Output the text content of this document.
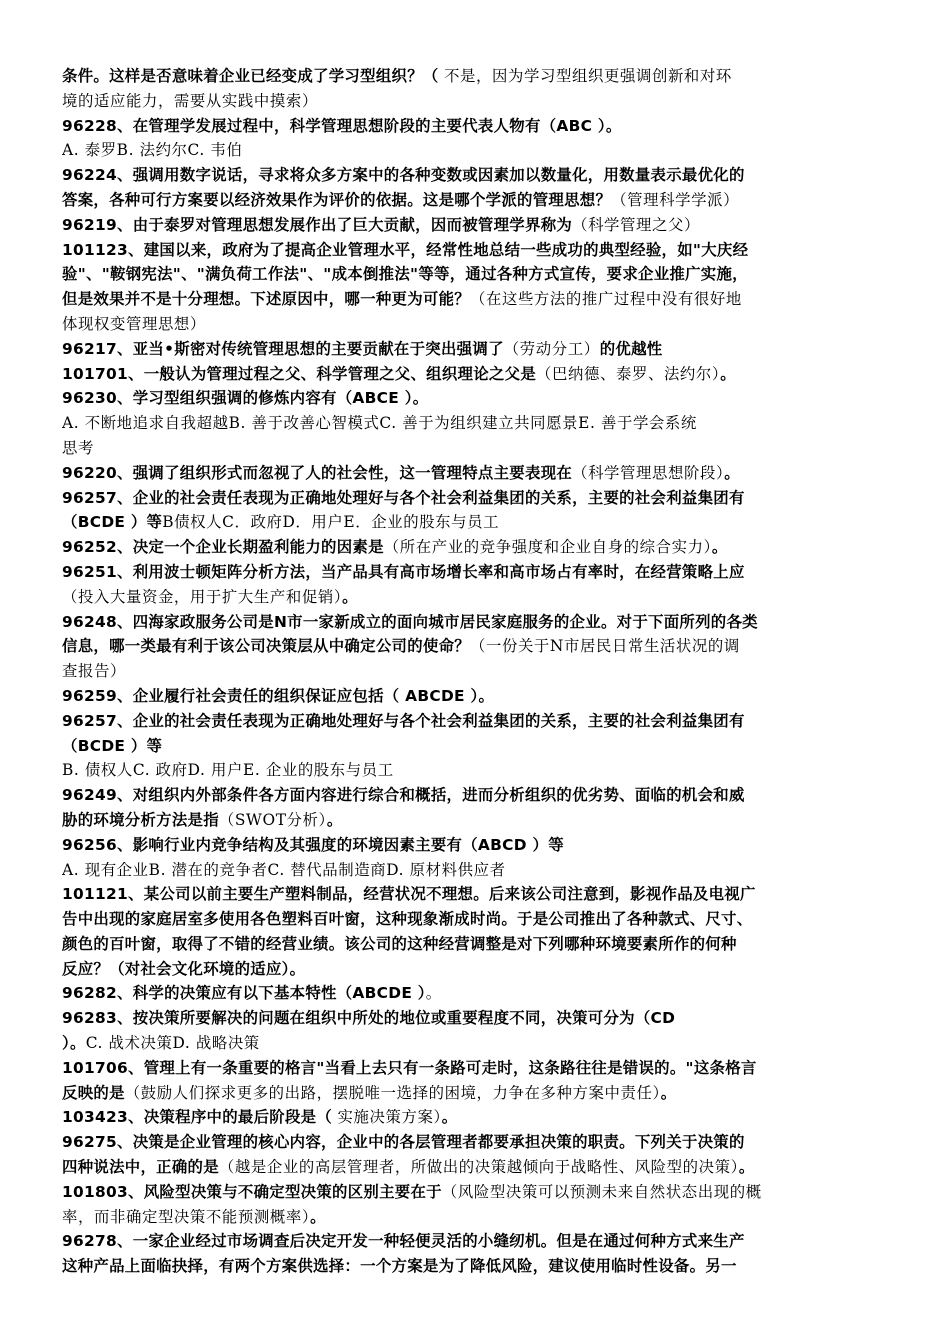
条件。这样是否意味着企业已经变成了学习型组织？（ 不是，因为学习型组织更强调创新和对环
境的适应能力，需要从实践中摸索）
96228、在管理学发展过程中，科学管理思想阶段的主要代表人物有（ABC ）。
A. 泰罗B. 法约尔C. 韦伯
96224、强调用数字说话，寻求将众多方案中的各种变数或因素加以数量化，用数量表示最优化的
答案，各种可行方案要以经济效果作为评价的依据。这是哪个学派的管理思想？（管理科学学派）
96219、由于泰罗对管理思想发展作出了巨大贡献，因而被管理学界称为（科学管理之父）
101123、建国以来，政府为了提高企业管理水平，经常性地总结一些成功的典型经验，如"大庆经
验"、"鞍钢宪法"、"满负荷工作法"、"成本倒推法"等等，通过各种方式宣传，要求企业推广实施，
但是效果并不是十分理想。下述原因中，哪一种更为可能？（在这些方法的推广过程中没有很好地
体现权变管理思想）
96217、亚当•斯密对传统管理思想的主要贡献在于突出强调了（劳动分工）的优越性
101701、一般认为管理过程之父、科学管理之父、组织理论之父是（巴纳德、泰罗、法约尔）。
96230、学习型组织强调的修炼内容有（ABCE ）。
A. 不断地追求自我超越B. 善于改善心智模式C. 善于为组织建立共同愿景E. 善于学会系统
思考
96220、强调了组织形式而忽视了人的社会性，这一管理特点主要表现在（科学管理思想阶段）。
96257、企业的社会责任表现为正确地处理好与各个社会利益集团的关系，主要的社会利益集团有
（BCDE ）等B债权人C．政府D．用户E．企业的股东与员工
96252、决定一个企业长期盈利能力的因素是（所在产业的竞争强度和企业自身的综合实力）。
96251、利用波士顿矩阵分析方法，当产品具有高市场增长率和高市场占有率时，在经营策略上应
（投入大量资金，用于扩大生产和促销）。
96248、四海家政服务公司是N市一家新成立的面向城市居民家庭服务的企业。对于下面所列的各类
信息，哪一类最有利于该公司决策层从中确定公司的使命？（一份关于N市居民日常生活状况的调
查报告）
96259、企业履行社会责任的组织保证应包括（ ABCDE ）。
96257、企业的社会责任表现为正确地处理好与各个社会利益集团的关系，主要的社会利益集团有
（BCDE ）等
B. 债权人C. 政府D. 用户E. 企业的股东与员工
96249、对组织内外部条件各方面内容进行综合和概括，进而分析组织的优劣势、面临的机会和威
胁的环境分析方法是指（SWOT分析）。
96256、影响行业内竞争结构及其强度的环境因素主要有（ABCD ）等
A. 现有企业B. 潜在的竞争者C. 替代品制造商D. 原材料供应者
101121、某公司以前主要生产塑料制品，经营状况不理想。后来该公司注意到，影视作品及电视广
告中出现的家庭居室多使用各色塑料百叶窗，这种现象渐成时尚。于是公司推出了各种款式、尺寸、
颜色的百叶窗，取得了不错的经营业绩。该公司的这种经营调整是对下列哪种环境要素所作的何种
反应？（对社会文化环境的适应）。
96282、科学的决策应有以下基本特性（ABCDE ）。
96283、按决策所要解决的问题在组织中所处的地位或重要程度不同，决策可分为（CD
）。C. 战术决策D. 战略决策
101706、管理上有一条重要的格言"当看上去只有一条路可走时，这条路往往是错误的。"这条格言
反映的是（鼓励人们探求更多的出路，摆脱唯一选择的困境，力争在多种方案中责任）。
103423、决策程序中的最后阶段是（ 实施决策方案）。
96275、决策是企业管理的核心内容，企业中的各层管理者都要承担决策的职责。下列关于决策的
四种说法中，正确的是（越是企业的高层管理者，所做出的决策越倾向于战略性、风险型的决策）。
101803、风险型决策与不确定型决策的区别主要在于（风险型决策可以预测未来自然状态出现的概
率，而非确定型决策不能预测概率）。
96278、一家企业经过市场调查后决定开发一种轻便灵活的小缝纫机。但是在通过何种方式来生产
这种产品上面临抉择，有两个方案供选择：一个方案是为了降低风险，建议使用临时性设备。另一
